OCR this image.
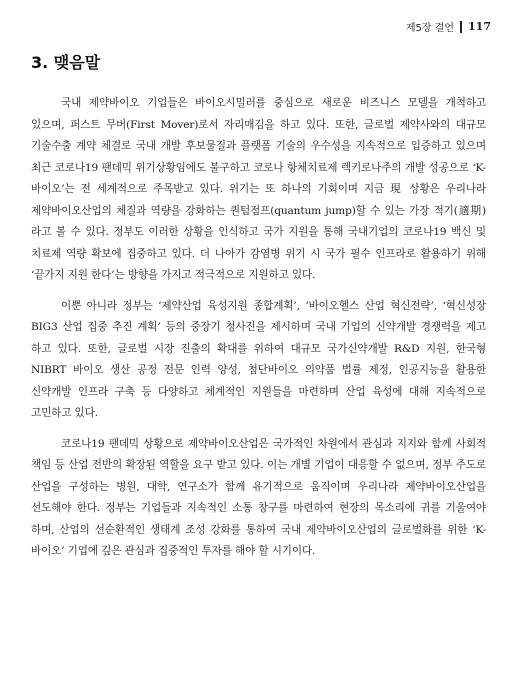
제5장 결언 117
3. 맺음말

국내 제약바이오 기업들은 바이오시밀러를 중심으로 새로운 비즈니스 모델을 개척하고 있으며, 퍼스트 무버(First Mover)로서 자리매김을 하고 있다. 또한, 글로벌 제약사와의 대규모 기술수출 계약 체결로 국내 개발 후보물질과 플랫폼 기술의 우수성을 지속적으로 입증하고 있으며 최근 코로나19 팬데믹 위기상황임에도 불구하고 코로나 항체치료제 렉키로나주의 개발 성공으로 ‘K-바이오’는 전 세계적으로 주목받고 있다. 위기는 또 하나의 기회이며 지금 現 상황은 우리나라 제약바이오산업의 체질과 역량을 강화하는 퀀텀점프(quantum jump)할 수 있는 가장 적기(適期)라고 볼 수 있다. 정부도 이러한 상황을 인식하고 국가 지원을 통해 국내기업의 코로나19 백신 및 치료제 역량 확보에 집중하고 있다. 더 나아가 감염병 위기 시 국가 필수 인프라로 활용하기 위해 ‘끝가지 지원 한다’는 방향을 가지고 적극적으로 지원하고 있다.

이뿐 아니라 정부는 ‘제약산업 육성지원 종합계획’, ‘바이오헬스 산업 혁신전략’, ‘혁신성장 BIG3 산업 집중 추진 계획’ 등의 중장기 청사진을 제시하며 국내 기업의 신약개발 경쟁력을 제고 하고 있다. 또한, 글로벌 시장 진출의 확대를 위하여 대규모 국가신약개발 R&D 지원, 한국형 NIBRT 바이오 생산 공정 전문 인력 양성, 첨단바이오 의약품 법률 제정, 인공지능을 활용한 신약개발 인프라 구축 등 다양하고 체계적인 지원들을 마련하며 산업 육성에 대해 지속적으로 고민하고 있다.

코로나19 팬데믹 상황으로 제약바이오산업은 국가적인 차원에서 관심과 지지와 함께 사회적 책임 등 산업 전반의 확장된 역할을 요구 받고 있다. 이는 개별 기업이 대응할 수 없으며, 정부 주도로 산업을 구성하는 병원, 대학, 연구소가 함께 유기적으로 움직이며 우리나라 제약바이오산업을 선도해야 한다. 정부는 기업들과 지속적인 소통 창구를 마련하여 현장의 목소리에 귀를 기울여야 하며, 산업의 선순환적인 생태계 조성 강화를 통하여 국내 제약바이오산업의 글로벌화를 위한 ‘K-바이오’ 기업에 깊은 관심과 집중적인 투자를 해야 할 시기이다.
